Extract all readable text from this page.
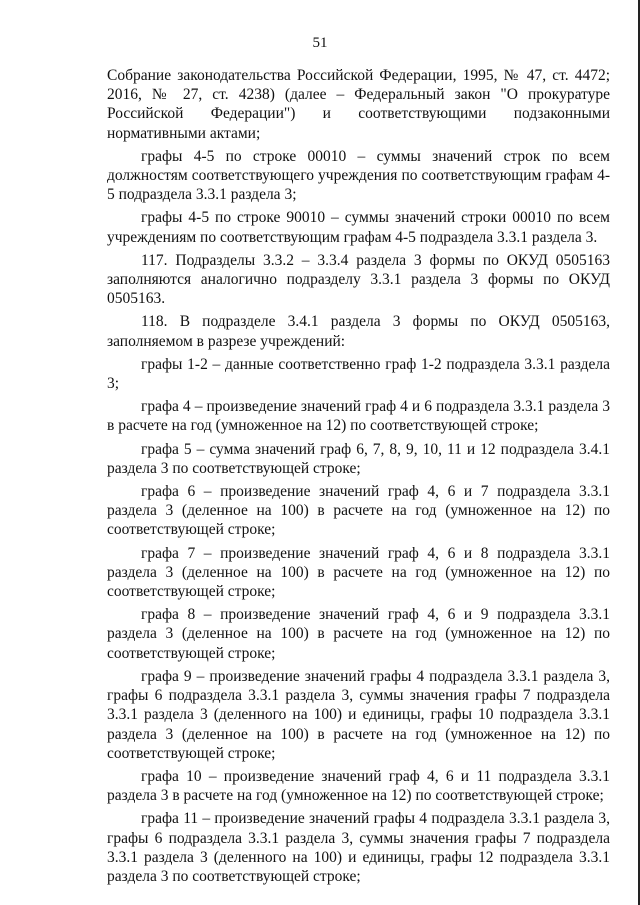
51

Собрание законодательства Российской Федерации, 1995, № 47, ст. 4472; 2016, № 27, ст. 4238) (далее – Федеральный закон "О прокуратуре Российской Федерации") и соответствующими подзаконными нормативными актами;

графы 4-5 по строке 00010 – суммы значений строк по всем должностям соответствующего учреждения по соответствующим графам 4-5 подраздела 3.3.1 раздела 3;

графы 4-5 по строке 90010 – суммы значений строки 00010 по всем учреждениям по соответствующим графам 4-5 подраздела 3.3.1 раздела 3.

117. Подразделы 3.3.2 – 3.3.4 раздела 3 формы по ОКУД 0505163 заполняются аналогично подразделу 3.3.1 раздела 3 формы по ОКУД 0505163.

118. В подразделе 3.4.1 раздела 3 формы по ОКУД 0505163, заполняемом в разрезе учреждений:

графы 1-2 – данные соответственно граф 1-2 подраздела 3.3.1 раздела 3;

графа 4 – произведение значений граф 4 и 6 подраздела 3.3.1 раздела 3 в расчете на год (умноженное на 12) по соответствующей строке;

графа 5 – сумма значений граф 6, 7, 8, 9, 10, 11 и 12 подраздела 3.4.1 раздела 3 по соответствующей строке;

графа 6 – произведение значений граф 4, 6 и 7 подраздела 3.3.1 раздела 3 (деленное на 100) в расчете на год (умноженное на 12) по соответствующей строке;

графа 7 – произведение значений граф 4, 6 и 8 подраздела 3.3.1 раздела 3 (деленное на 100) в расчете на год (умноженное на 12) по соответствующей строке;

графа 8 – произведение значений граф 4, 6 и 9 подраздела 3.3.1 раздела 3 (деленное на 100) в расчете на год (умноженное на 12) по соответствующей строке;

графа 9 – произведение значений графы 4 подраздела 3.3.1 раздела 3, графы 6 подраздела 3.3.1 раздела 3, суммы значения графы 7 подраздела 3.3.1 раздела 3 (деленного на 100) и единицы, графы 10 подраздела 3.3.1 раздела 3 (деленное на 100) в расчете на год (умноженное на 12) по соответствующей строке;

графа 10 – произведение значений граф 4, 6 и 11 подраздела 3.3.1 раздела 3 в расчете на год (умноженное на 12) по соответствующей строке;

графа 11 – произведение значений графы 4 подраздела 3.3.1 раздела 3, графы 6 подраздела 3.3.1 раздела 3, суммы значения графы 7 подраздела 3.3.1 раздела 3 (деленного на 100) и единицы, графы 12 подраздела 3.3.1 раздела 3 по соответствующей строке;
